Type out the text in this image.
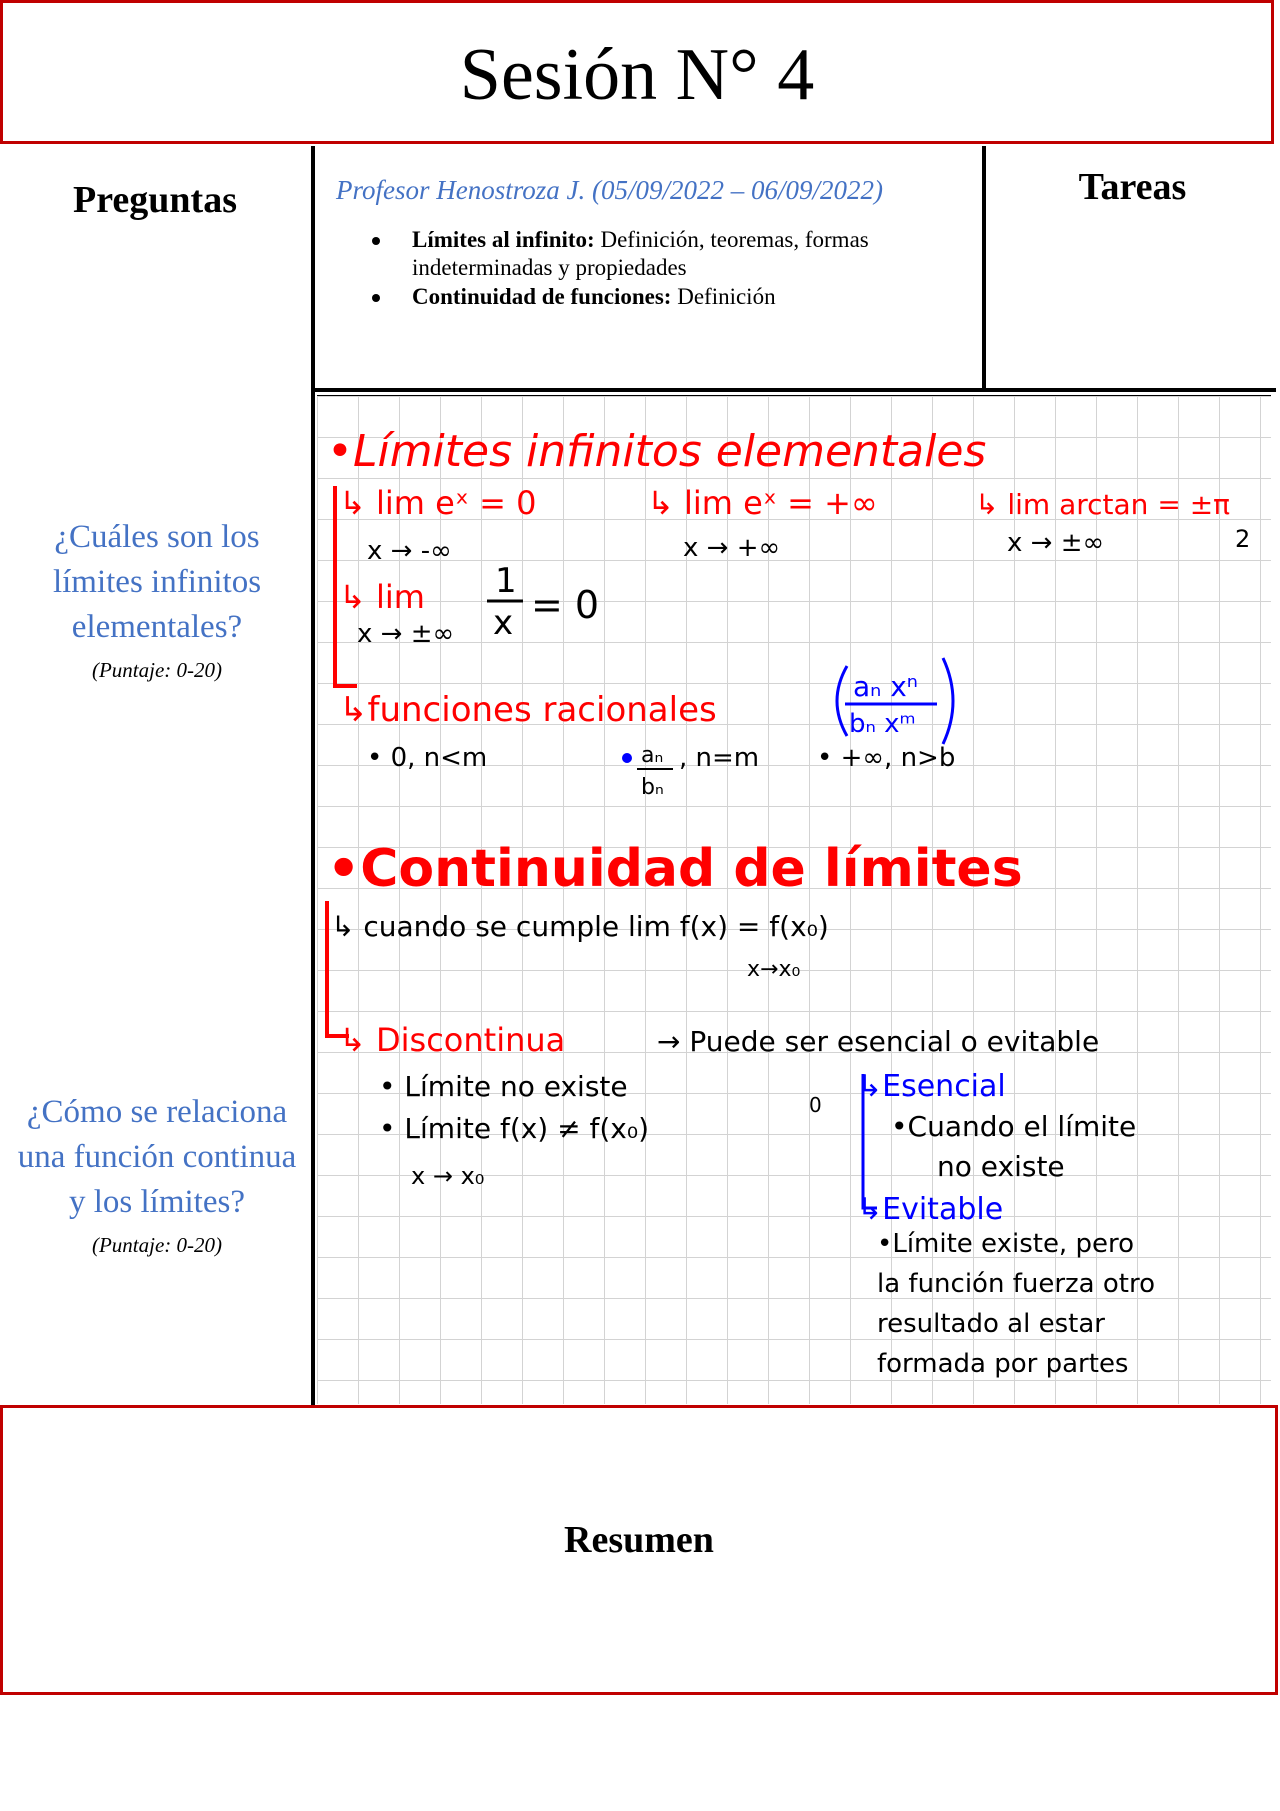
Sesión N° 4
Preguntas	Tareas
Profesor Henostroza J. (05/09/2022 – 06/09/2022)
Límites al infinito: Definición, teoremas, formas indeterminadas y propiedades
Continuidad de funciones: Definición
¿Cuáles son los límites infinitos elementales?
(Puntaje: 0-20)
¿Cómo se relaciona una función continua y los límites?
(Puntaje: 0-20)
•Límites infinitos elementales
↳ lim eˣ = 0	↳ lim eˣ = +∞	↳ lim arctan = ±π
↳ lim
↳funciones racionales
•Continuidad de límites
↳ Discontinua
x → -∞	x → +∞	2
x → ±∞
1
x = 0
x → ±∞
• 0, n<m	aₙ
bₙ
, n=m • +∞, n>b
↳ cuando se cumple lim f(x) = f(x₀)
x→x₀
→ Puede ser esencial o evitable
• Límite no existe
• Límite f(x) ≠ f(x₀)
0
x → x₀
•Cuando el límite
no existe
•Límite existe, pero
la función fuerza otro
resultado al estar
formada por partes
aₙ xⁿ
bₙ xᵐ
↳Esencial
↳Evitable
Resumen
